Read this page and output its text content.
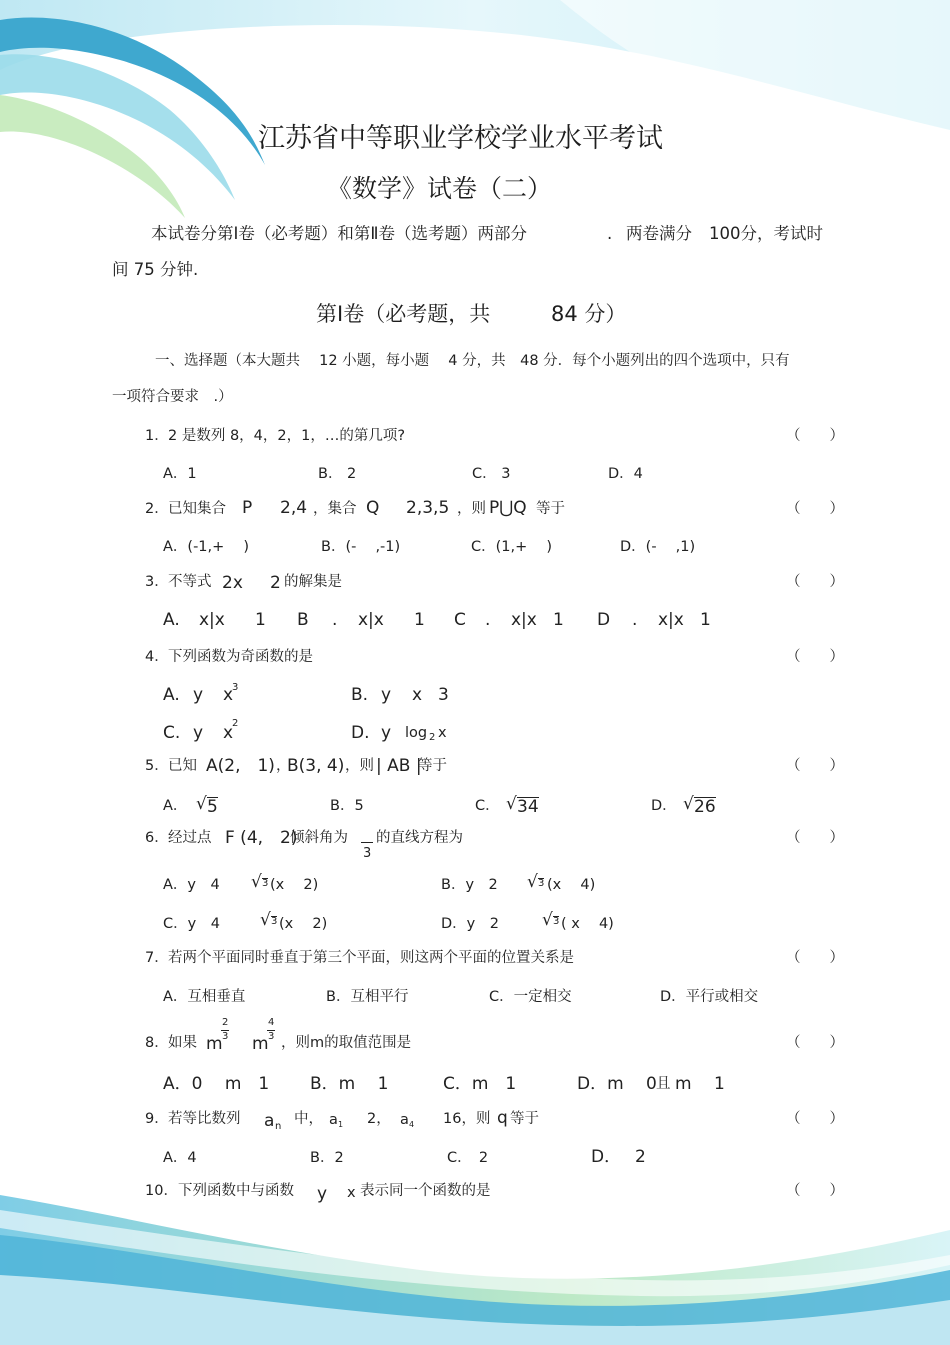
江苏省中等职业学校学业水平考试
《数学》试卷（二）
本试卷分第Ⅰ卷（必考题）和第Ⅱ卷（选考题）两部分	. 两卷满分 100分，考试时
间 75 分钟.
第Ⅰ卷（必考题，共	84 分）
一、选择题（本大题共　 12 小题，每小题　 4 分，共　48 分．每个小题列出的四个选项中，只有
一项符合要求　.）
1． 2 是数列 8，4，2，1，…的第几项?	（　　）
A．1	B． 2	C． 3	D．4
2． 已知集合 P 2,4 ，集合 Q 2,3,5 ，则 P⋃Q 等于	（　　）
A．(-1,+　 )	B．(-　 ,-1)	C．(1,+　 )	D．(-　 ,1)
3． 不等式 2x 2 的解集是	（　　）
A. x|x 1 B . x|x 1 C . x|x 1 D . x|x 1
4． 下列函数为奇函数的是	（　　）
A. y x
3	B. y x 3
C. y x
2	D. y log 2 x
5． 已知 A(2,　1) ，
B(3, 4) ，则 | AB |
等于	（　　）
A． √ 5	B．5	C． √ 34	D． √ 26
6． 经过点 F (4,　2)
倾斜角为
3
的直线方程为	（　　）
A．y　4 √ 3 (x　 2)	B．y　2 √ 3 (x　 4)
C．y　4 √ 3 (x　 2)	D．y　2	√ 3 ( x　 4)
7． 若两个平面同时垂直于第三个平面，则这两个平面的位置关系是	（　　）
A．互相垂直	B．互相平行	C．一定相交	D．平行或相交
8． 如果 m
2
3 m
4
3 ，则m的取值范围是	（　　）
A．0　 m　1 B．m　 1	C．m　1	D．m　 0 且 m　 1
9． 若等比数列 a n 中， a 1 2， a 4 16，则 q 等于	（　　）
A．4	B．2	C．　2	D．　 2
10． 下列函数中与函数 y x 表示同一个函数的是	（　　）
